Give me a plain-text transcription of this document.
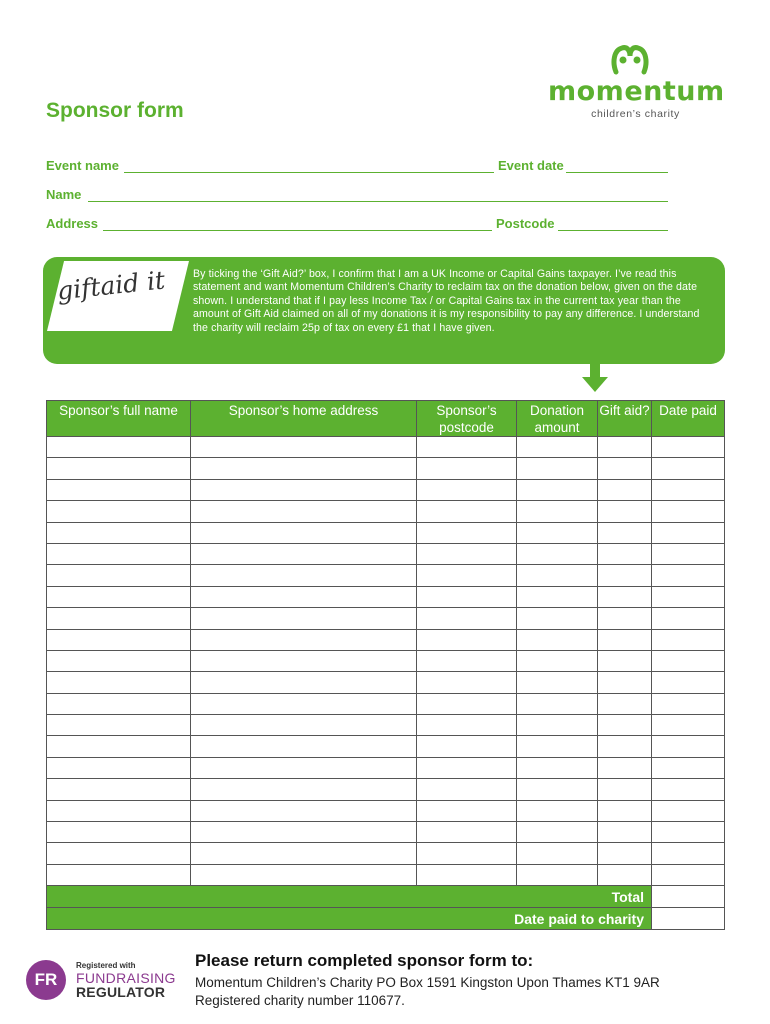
momentum
children’s charity
Sponsor form
Event name	Event date
Name
Address	Postcode
giftaid it	By ticking the ‘Gift Aid?’ box, I confirm that I am a UK Income or Capital Gains taxpayer. I’ve read this statement and want Momentum Children’s Charity to reclaim tax on the donation below, given on the date shown. I understand that if I pay less Income Tax / or Capital Gains tax in the current tax year than the amount of Gift Aid claimed on all of my donations it is my responsibility to pay any difference. I understand the charity will reclaim 25p of tax on every £1 that I have given.
Sponsor’s full name	Sponsor’s home address	Sponsor’s postcode	Donation amount	Gift aid?	Date paid

Total					
Date paid to charity					
FR
Registered with
FUNDRAISING
REGULATOR
Please return completed sponsor form to:
Momentum Children’s Charity PO Box 1591 Kingston Upon Thames KT1 9AR
Registered charity number 110677.
